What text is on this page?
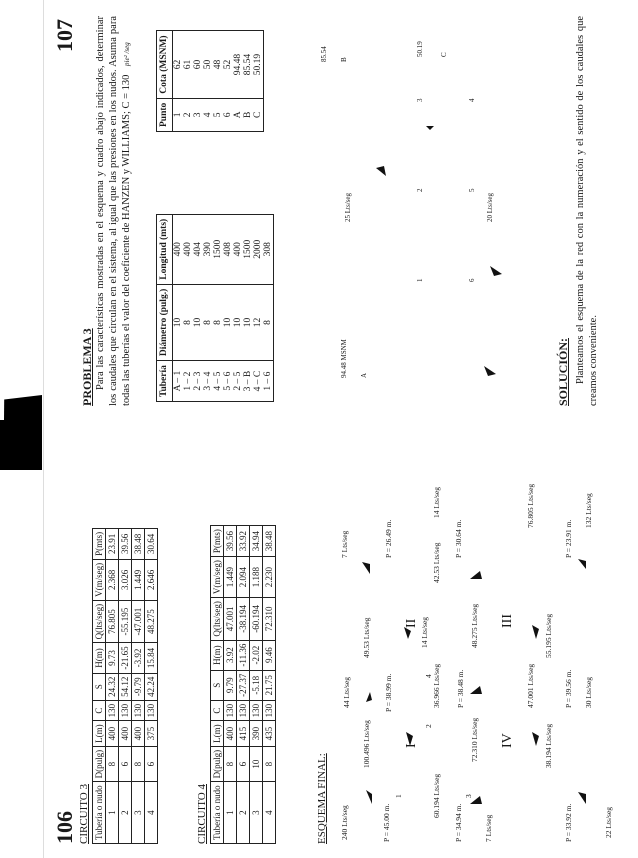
106 CIRCUITO 3 Tubería o nudo	D(pulg)	L(m)	C	S	H(m)	Q(lts/seg)	V(m/seg)	P(mts)
1	8	400	130	24.32	9.73	76.805	2.368	23.91
2	6	400	130	54.12	-21.65	-55.195	3.026	39.56
3	8	400	130	-9.79	-3.92	-47.001	1.449	38.48
4	6	375	130	42.24	15.84	48.275	2.646	30.64
CIRCUITO 4 Tubería o nudo	D(pulg)	L(m)	C	S	H(m)	Q(lts/seg)	V(m/seg)	P(mts)
1	8	400	130	9.79	3.92	47.001	1.449	39.56
2	6	415	130	-27.37	-11.36	-38.194	2.094	33.92
3	10	390	130	-5.18	-2.02	-60.194	1.188	34.94
4	8	435	130	21.75	9.46	72.310	2.230	38.48
ESQUEMA FINAL: 240 Lts/seg
44 Lts/seg
7 Lts/seg
100.496 Lts/seg
49.53 Lts/seg
P = 45.00 m.
P = 38.99 m.
P = 26.49 m.
I
II
60.194 Lts/seg
36.966 Lts/seg
14 Lts/seg
42.53 Lts/seg
14 Lts/seg
P = 34.94 m.
P = 38.48 m.
P = 30.64 m.
72.310 Lts/seg
48.275 Lts/seg
7 Lts/seg
IV
III
47.001 Lts/seg
76.805 Lts/seg
38.194 Lts/seg
55.195 Lts/seg
P = 33.92 m.
P = 39.56 m.
P = 23.91 m.
30 Lts/seg
22 Lts/seg
132 Lts/seg
1
2
3
4
107
PROBLEMA 3 Para las características mostradas en el esquema y cuadro abajo indicados, determinar los caudales que circulan en el sistema, al igual que las presiones en los nudos. Asuma para todas las tuberías el valor del coeficiente de HANZEN y WILLIAMS; C = 130 pie² /seg
Tubería	Diámetro (pulg.)	Longitud (mts)
A – 1	10	400
1 – 2	8	400
2 – 3	10	404
3 – 4	8	390
4 – 5	8	1500
5 – 6	10	408
2 – 5	10	400
3 – B	10	1500
4 – C	12	2000
1 – 6	8	308
Punto	Cota (MSNM)
1	62
2	61
3	60
4	50
5	48
6	52
A	94.48
B	85.54
C	50.19
94.48 MSNM A
85.54 B
50.19 C
1
2
3	4
5
6
25 Lts/seg	20 Lts/seg
SOLUCIÓN: Planteamos el esquema de la red con la numeración y el sentido de los caudales que creamos conveniente.
